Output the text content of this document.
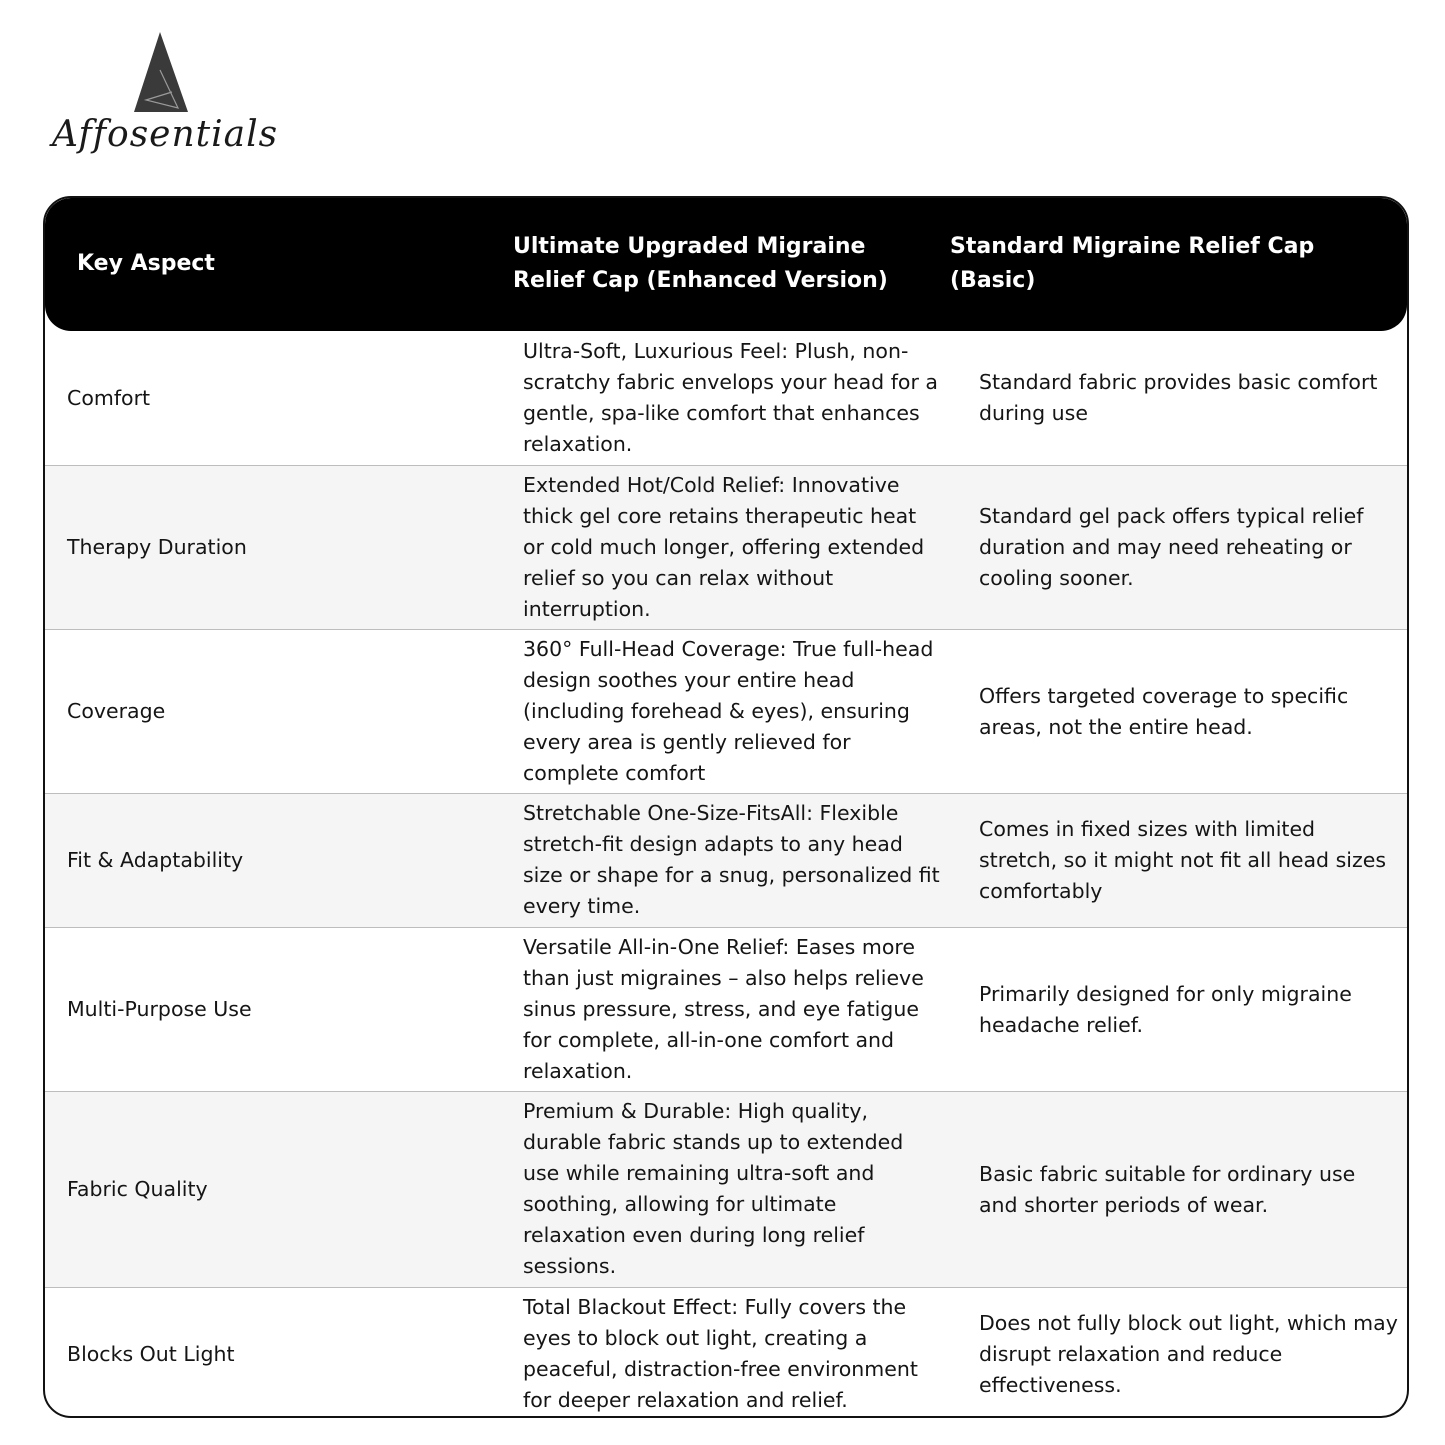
Affosentials
Key Aspect
Ultimate Upgraded Migraine Relief Cap (Enhanced Version)
Standard Migraine Relief Cap (Basic)
Comfort
Ultra-Soft, Luxurious Feel: Plush, non-scratchy fabric envelops your head for a gentle, spa-like comfort that enhances relaxation.
Standard fabric provides basic comfort during use
Therapy Duration
Extended Hot/Cold Relief: Innovative thick gel core retains therapeutic heat or cold much longer, offering extended relief so you can relax without interruption.
Standard gel pack offers typical relief duration and may need reheating or cooling sooner.
Coverage
360° Full-Head Coverage: True full-head design soothes your entire head (including forehead & eyes), ensuring every area is gently relieved for complete comfort
Offers targeted coverage to specific areas, not the entire head.
Fit & Adaptability
Stretchable One-Size-FitsAll: Flexible stretch-fit design adapts to any head size or shape for a snug, personalized fit every time.
Comes in fixed sizes with limited stretch, so it might not fit all head sizes comfortably
Multi-Purpose Use
Versatile All-in-One Relief: Eases more than just migraines – also helps relieve sinus pressure, stress, and eye fatigue for complete, all-in-one comfort and relaxation.
Primarily designed for only migraine headache relief.
Fabric Quality
Premium & Durable: High quality, durable fabric stands up to extended use while remaining ultra-soft and soothing, allowing for ultimate relaxation even during long relief sessions.
Basic fabric suitable for ordinary use and shorter periods of wear.
Blocks Out Light
Total Blackout Effect: Fully covers the eyes to block out light, creating a peaceful, distraction-free environment for deeper relaxation and relief.
Does not fully block out light, which may disrupt relaxation and reduce effectiveness.
